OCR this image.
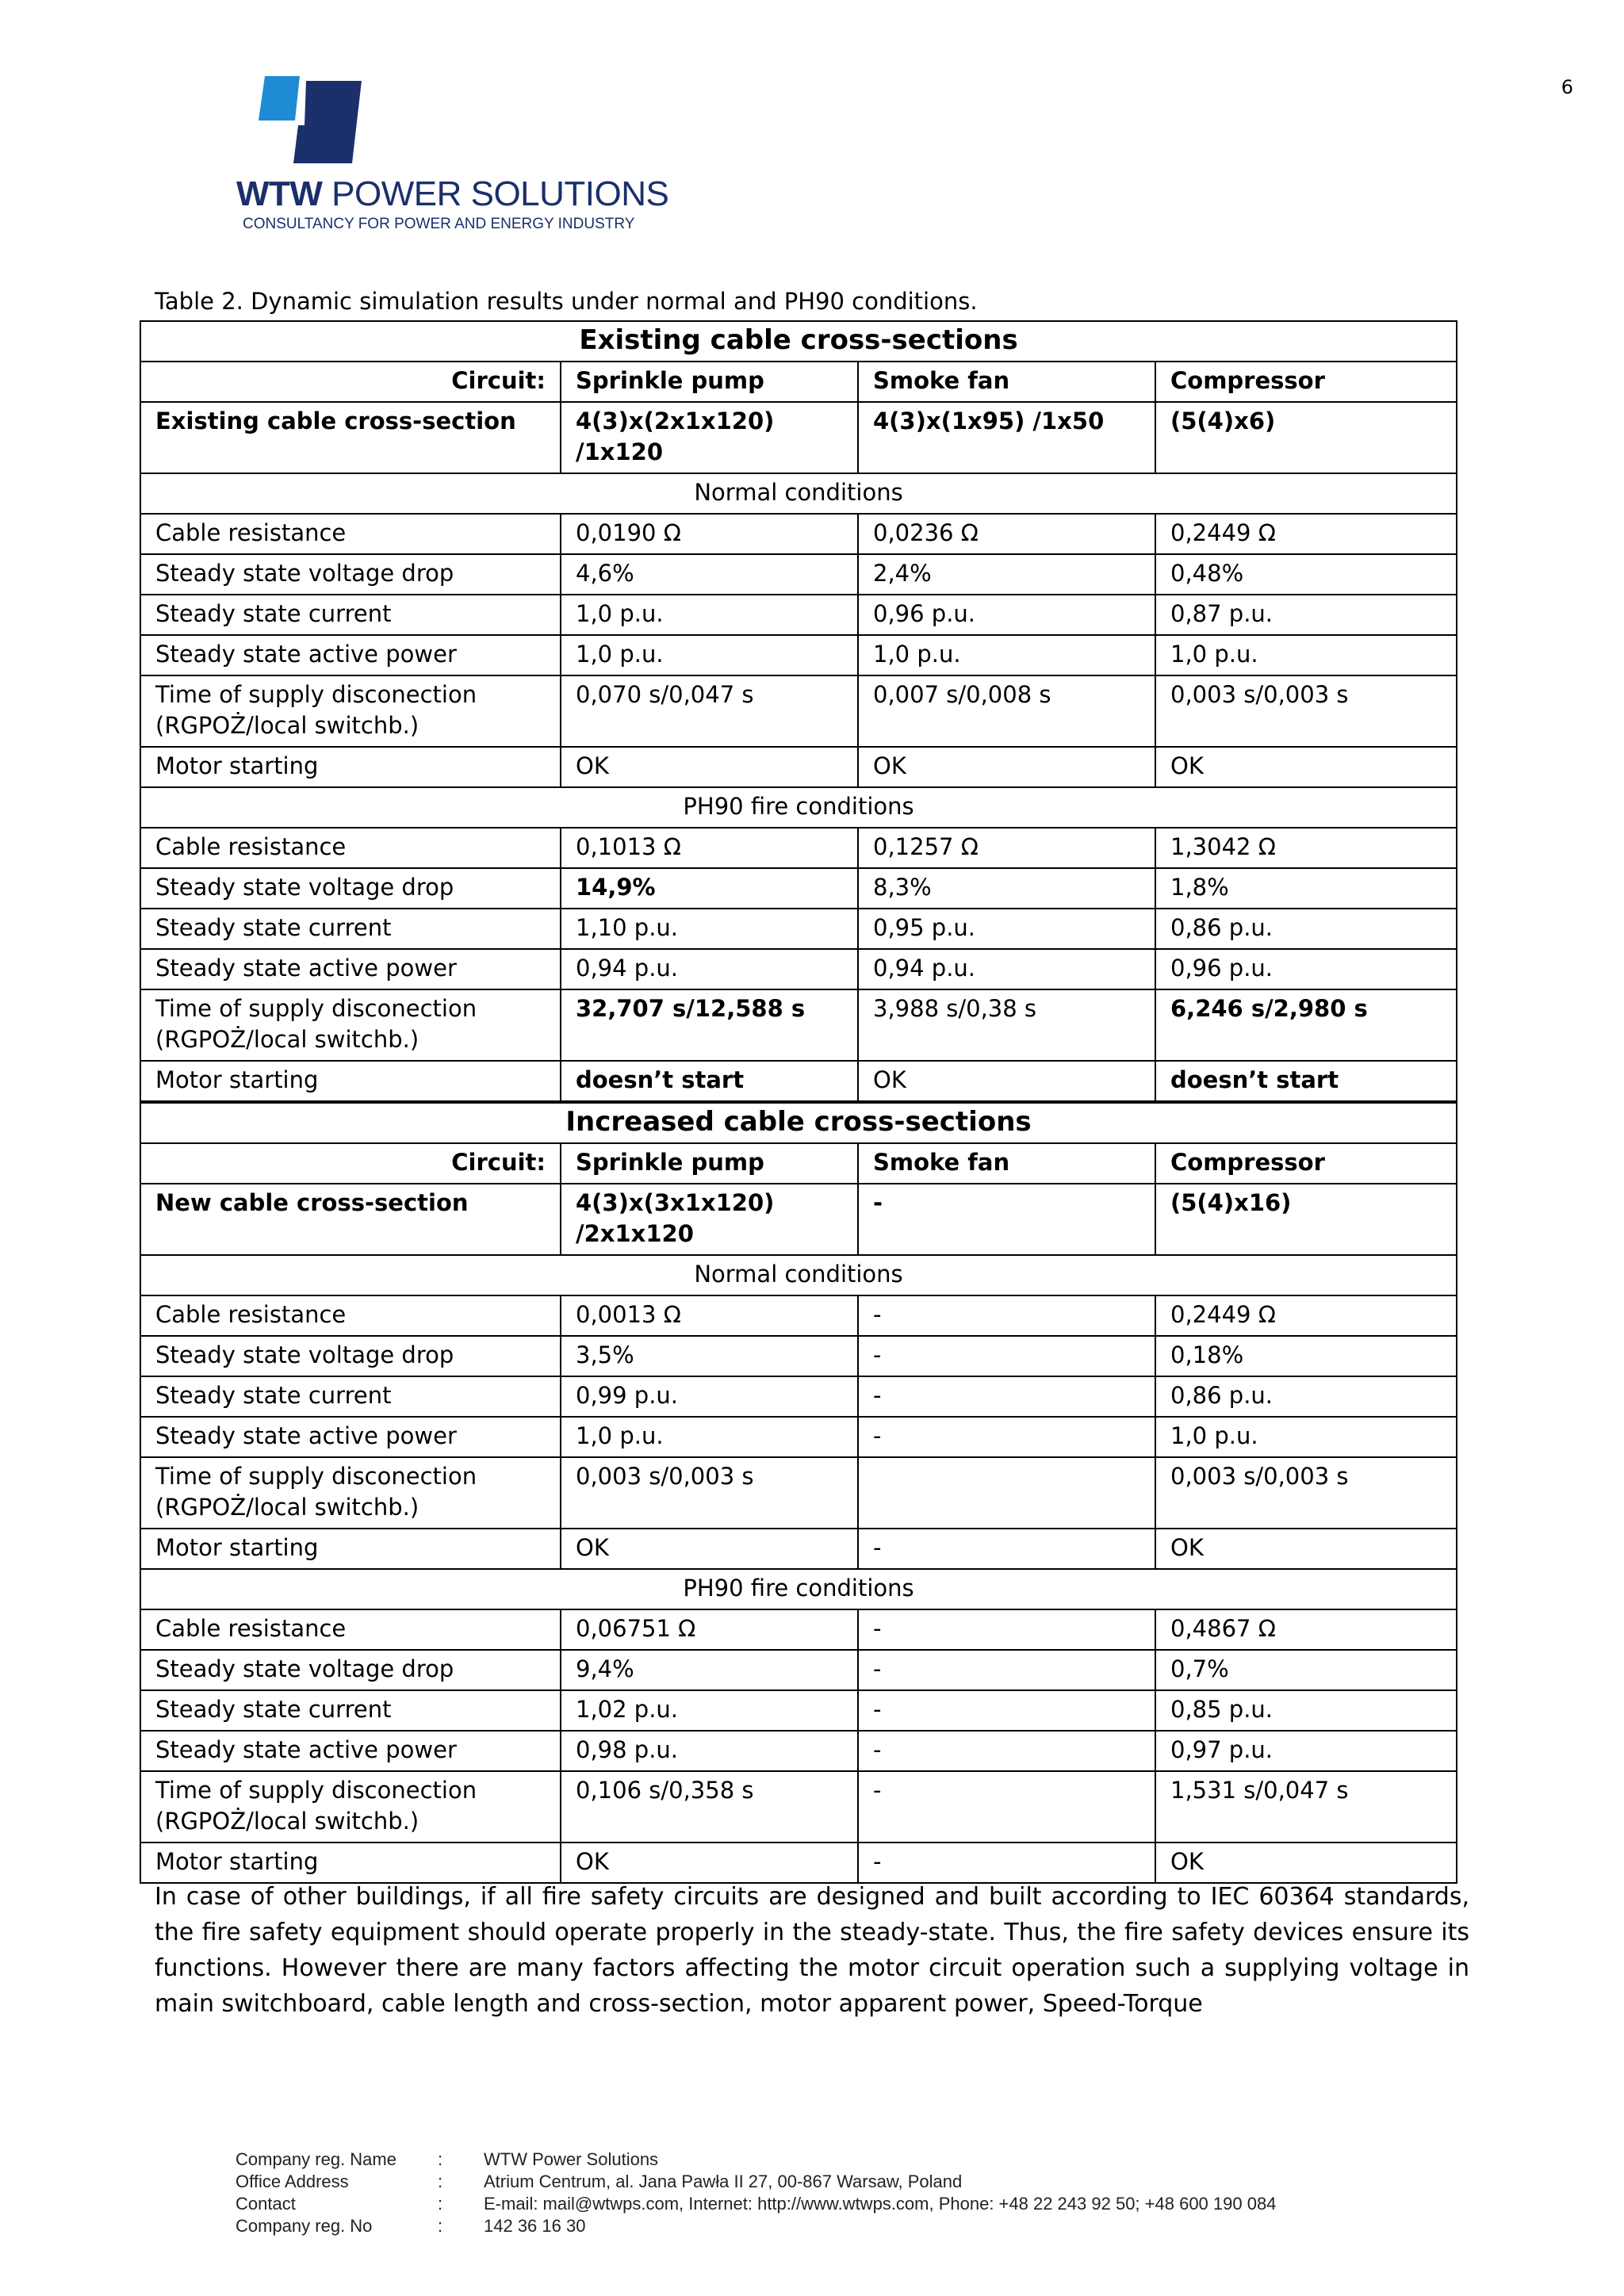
6
WTW POWER SOLUTIONS
CONSULTANCY FOR POWER AND ENERGY INDUSTRY
Table 2. Dynamic simulation results under normal and PH90 conditions.
Existing cable cross-sections			
Circuit:	Sprinkle pump	Smoke fan	Compressor
Existing cable cross-section	4(3)x(2x1x120) /1x120	4(3)x(1x95) /1x50	(5(4)x6)
Normal conditions			
Cable resistance	0,0190 Ω	0,0236 Ω	0,2449 Ω
Steady state voltage drop	4,6%	2,4%	0,48%
Steady state current	1,0 p.u.	0,96 p.u.	0,87 p.u.
Steady state active power	1,0 p.u.	1,0 p.u.	1,0 p.u.
Time of supply disconection (RGPOŻ/local switchb.)	0,070 s/0,047 s	0,007 s/0,008 s	0,003 s/0,003 s
Motor starting	OK	OK	OK
PH90 fire conditions			
Cable resistance	0,1013 Ω	0,1257 Ω	1,3042 Ω
Steady state voltage drop	14,9%	8,3%	1,8%
Steady state current	1,10 p.u.	0,95 p.u.	0,86 p.u.
Steady state active power	0,94 p.u.	0,94 p.u.	0,96 p.u.
Time of supply disconection (RGPOŻ/local switchb.)	32,707 s/12,588 s	3,988 s/0,38 s	6,246 s/2,980 s
Motor starting	doesn’t start	OK	doesn’t start
Increased cable cross-sections			
Circuit:	Sprinkle pump	Smoke fan	Compressor
New cable cross-section	4(3)x(3x1x120) /2x1x120	-	(5(4)x16)
Normal conditions			
Cable resistance	0,0013 Ω	-	0,2449 Ω
Steady state voltage drop	3,5%	-	0,18%
Steady state current	0,99 p.u.	-	0,86 p.u.
Steady state active power	1,0 p.u.	-	1,0 p.u.
Time of supply disconection (RGPOŻ/local switchb.)	0,003 s/0,003 s		0,003 s/0,003 s
Motor starting	OK	-	OK
PH90 fire conditions			
Cable resistance	0,06751 Ω	-	0,4867 Ω
Steady state voltage drop	9,4%	-	0,7%
Steady state current	1,02 p.u.	-	0,85 p.u.
Steady state active power	0,98 p.u.	-	0,97 p.u.
Time of supply disconection (RGPOŻ/local switchb.)	0,106 s/0,358 s	-	1,531 s/0,047 s
Motor starting	OK	-	OK
In case of other buildings, if all fire safety circuits are designed and built according to IEC 60364 standards, the fire safety equipment should operate properly in the steady-state. Thus, the fire safety devices ensure its functions. However there are many factors affecting the motor circuit operation such a supplying voltage in main switchboard, cable length and cross-section, motor apparent power, Speed-Torque
Company reg. Name : WTW Power Solutions
Office Address	: Atrium Centrum, al. Jana Pawła II 27, 00-867 Warsaw, Poland
Contact	: E-mail: mail@wtwps.com, Internet: http://www.wtwps.com, Phone: +48 22 243 92 50; +48 600 190 084
Company reg. No	: 142 36 16 30
